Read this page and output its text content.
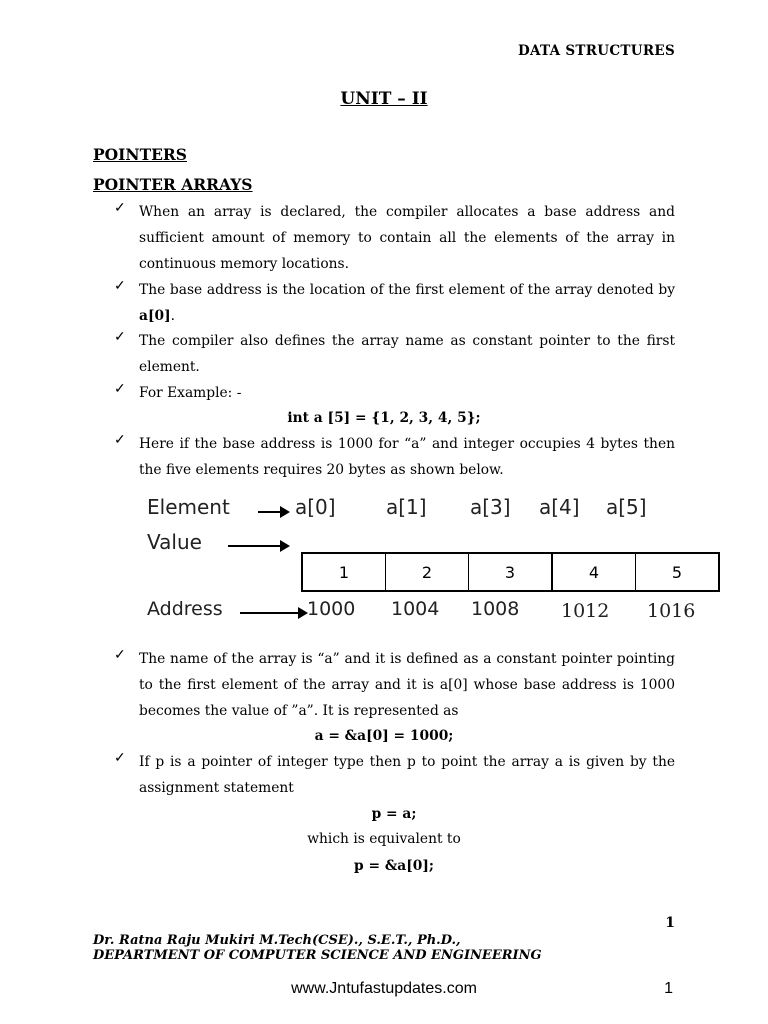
DATA STRUCTURES
UNIT – II
POINTERS
POINTER ARRAYS
✓ When an array is declared, the compiler allocates a base address and sufficient amount of memory to contain all the elements of the array in continuous memory locations.
✓ The base address is the location of the first element of the array denoted by a[0].
✓ The compiler also defines the array name as constant pointer to the first element.
✓ For Example: -
int a [5] = {1, 2, 3, 4, 5};
✓ Here if the base address is 1000 for “a” and integer occupies 4 bytes then the five elements requires 20 bytes as shown below.
Element	a[0]	a[1] a[3] a[4] a[5]
Value
1	2	3	4	5
Address	1000 1004 1008 1012 1016
✓ The name of the array is “a” and it is defined as a constant pointer pointing to the first element of the array and it is a[0] whose base address is 1000 becomes the value of ”a”. It is represented as
a = &a[0] = 1000;
✓ If p is a pointer of integer type then p to point the array a is given by the assignment statement
p = a;
which is equivalent to
p = &a[0];
1
Dr. Ratna Raju Mukiri M.Tech(CSE)., S.E.T., Ph.D.,
DEPARTMENT OF COMPUTER SCIENCE AND ENGINEERING
www.Jntufastupdates.com	1
